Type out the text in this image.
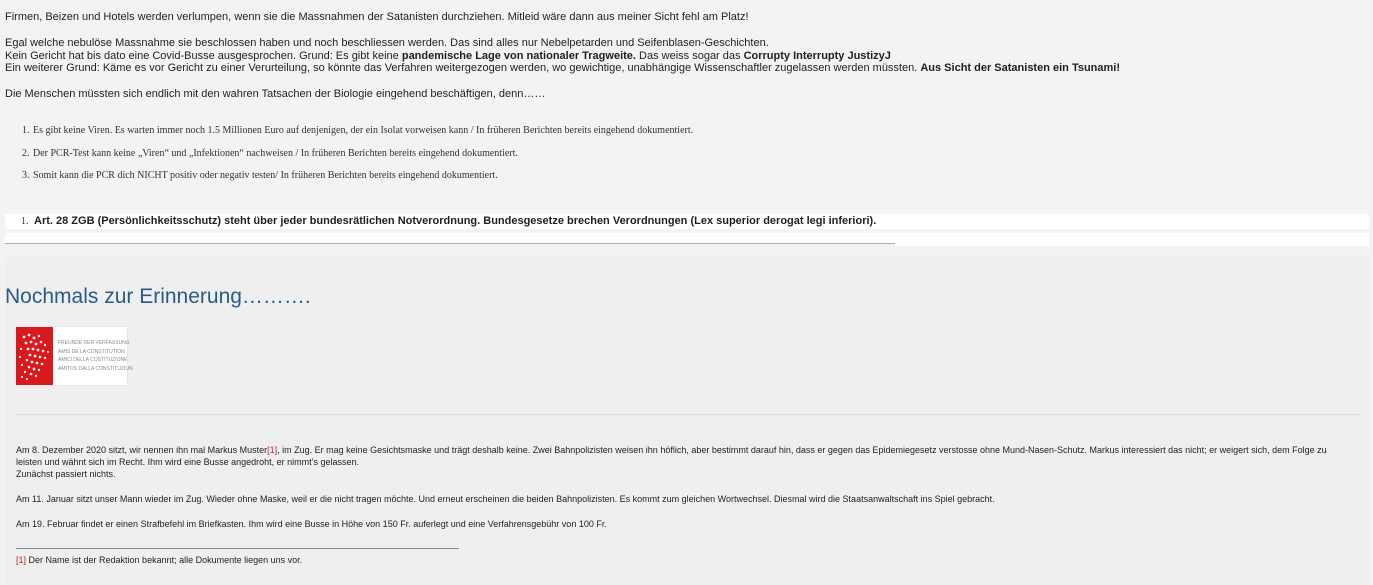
Firmen, Beizen und Hotels werden verlumpen, wenn sie die Massnahmen der Satanisten durchziehen. Mitleid wäre dann aus meiner Sicht fehl am Platz!

Egal welche nebulöse Massnahme sie beschlossen haben und noch beschliessen werden. Das sind alles nur Nebelpetarden und Seifenblasen-Geschichten.
Kein Gericht hat bis dato eine Covid-Busse ausgesprochen. Grund: Es gibt keine pandemische Lage von nationaler Tragweite. Das weiss sogar das Corrupty Interrupty JustizyJ
Ein weiterer Grund: Käme es vor Gericht zu einer Verurteilung, so könnte das Verfahren weitergezogen werden, wo gewichtige, unabhängige Wissenschaftler zugelassen werden müssten. Aus Sicht der Satanisten ein Tsunami!

Die Menschen müssten sich endlich mit den wahren Tatsachen der Biologie eingehend beschäftigen, denn……

1. Es gibt keine Viren. Es warten immer noch 1.5 Millionen Euro auf denjenigen, der ein Isolat vorweisen kann / In früheren Berichten bereits eingehend dokumentiert.
2. Der PCR-Test kann keine „Viren“ und „Infektionen“ nachweisen / In früheren Berichten bereits eingehend dokumentiert.
3. Somit kann die PCR dich NICHT positiv oder negativ testen/ In früheren Berichten bereits eingehend dokumentiert.
1. Art. 28 ZGB (Persönlichkeitsschutz) steht über jeder bundesrätlichen Notverordnung. Bundesgesetze brechen Verordnungen (Lex superior derogat legi inferiori).
Nochmals zur Erinnerung……….
FREUNDE DER VERFASSUNG
AMIS DE LA CONSTITUTION
AMICI DELLA COSTITUZIONE
AMITOS DALLA CONSTITUZIUN

Am 8. Dezember 2020 sitzt, wir nennen ihn mal Markus Muster[1], im Zug. Er mag keine Gesichtsmaske und trägt deshalb keine. Zwei Bahnpolizisten weisen ihn höflich, aber bestimmt darauf hin, dass er gegen das Epidemiegesetz verstosse ohne Mund-Nasen-Schutz. Markus interessiert das nicht; er weigert sich, dem Folge zu leisten und wähnt sich im Recht. Ihm wird eine Busse angedroht, er nimmt’s gelassen.
Zunächst passiert nichts.

Am 11. Januar sitzt unser Mann wieder im Zug. Wieder ohne Maske, weil er die nicht tragen möchte. Und erneut erscheinen die beiden Bahnpolizisten. Es kommt zum gleichen Wortwechsel. Diesmal wird die Staatsanwaltschaft ins Spiel gebracht.

Am 19. Februar findet er einen Strafbefehl im Briefkasten. Ihm wird eine Busse in Höhe von 150 Fr. auferlegt und eine Verfahrensgebühr von 100 Fr.

[1] Der Name ist der Redaktion bekannt; alle Dokumente liegen uns vor.
